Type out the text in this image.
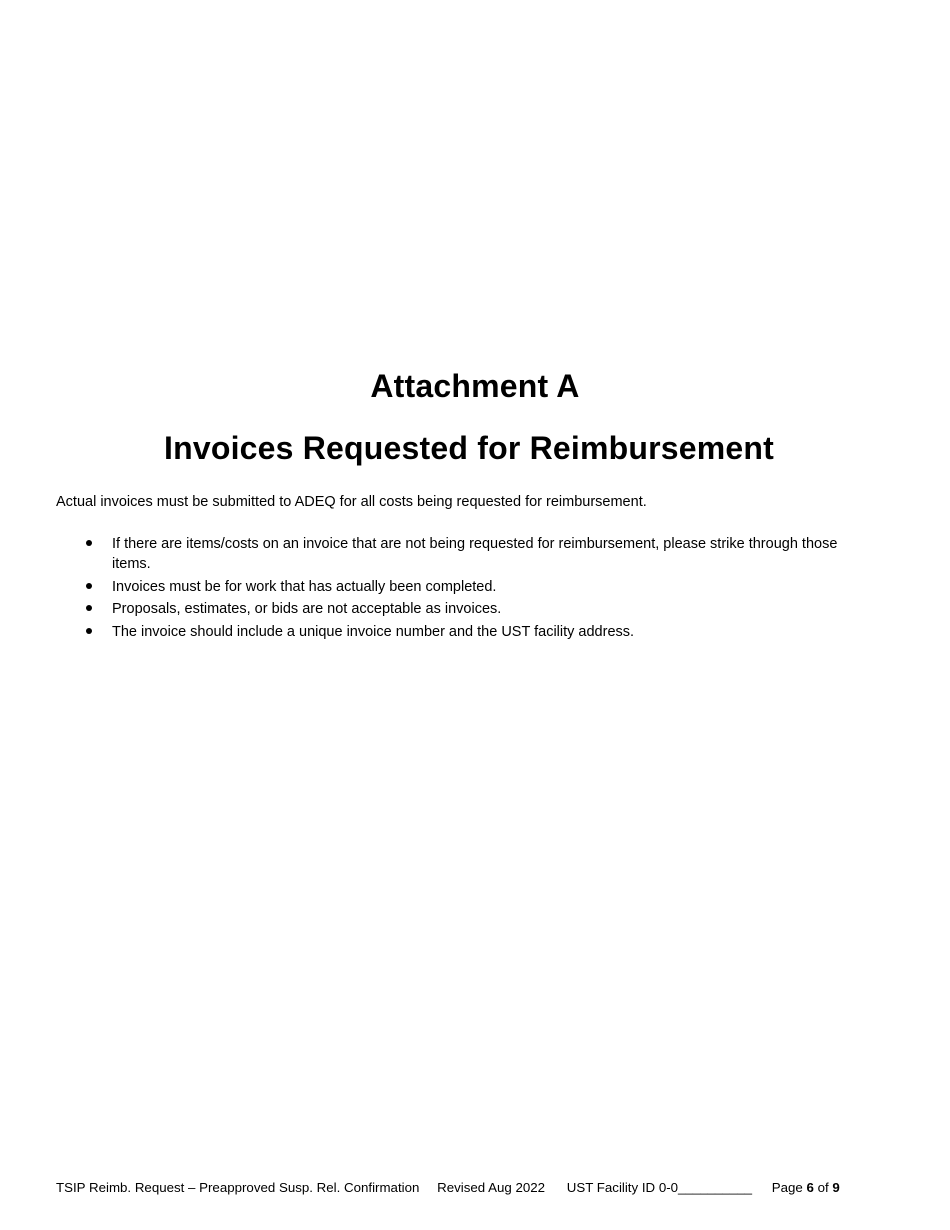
Attachment A
Invoices Requested for Reimbursement

Actual invoices must be submitted to ADEQ for all costs being requested for reimbursement.

If there are items/costs on an invoice that are not being requested for reimbursement, please strike through those items.
Invoices must be for work that has actually been completed.
Proposals, estimates, or bids are not acceptable as invoices.
The invoice should include a unique invoice number and the UST facility address.
TSIP Reimb. Request – Preapproved Susp. Rel. Confirmation Revised Aug 2022 UST Facility ID 0-0__________ Page 6 of 9
